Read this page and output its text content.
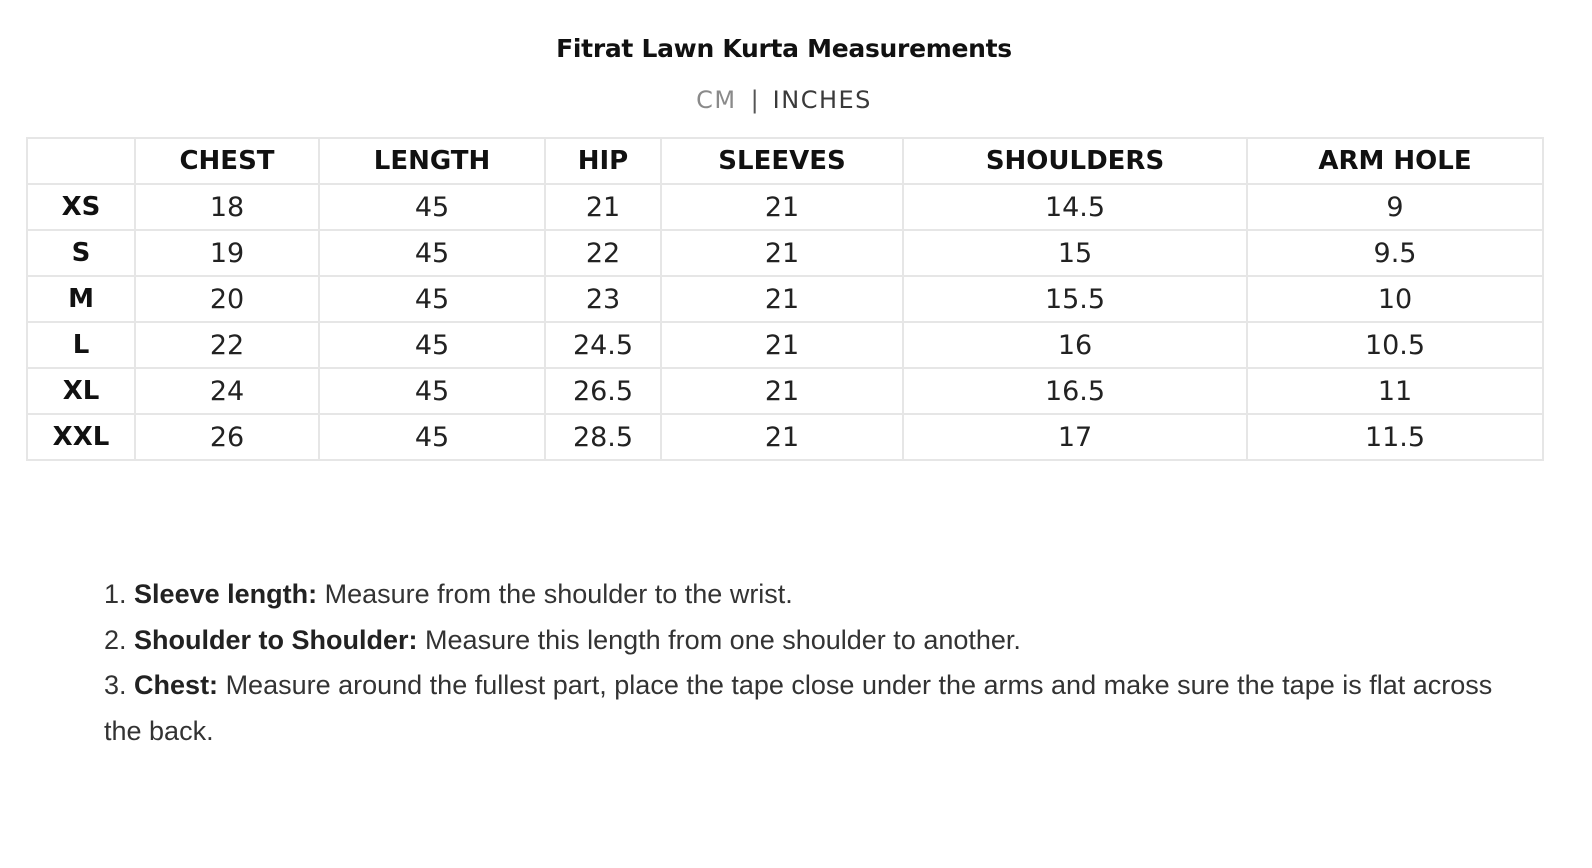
Fitrat Lawn Kurta Measurements
CM | INCHES
	CHEST	LENGTH	HIP	SLEEVES	SHOULDERS	ARM HOLE
XS	18	45	21	21	14.5	9
S	19	45	22	21	15	9.5
M	20	45	23	21	15.5	10
L	22	45	24.5	21	16	10.5
XL	24	45	26.5	21	16.5	11
XXL	26	45	28.5	21	17	11.5

1. Sleeve length: Measure from the shoulder to the wrist.

2. Shoulder to Shoulder: Measure this length from one shoulder to another.

3. Chest: Measure around the fullest part, place the tape close under the arms and make sure the tape is flat across the back.
